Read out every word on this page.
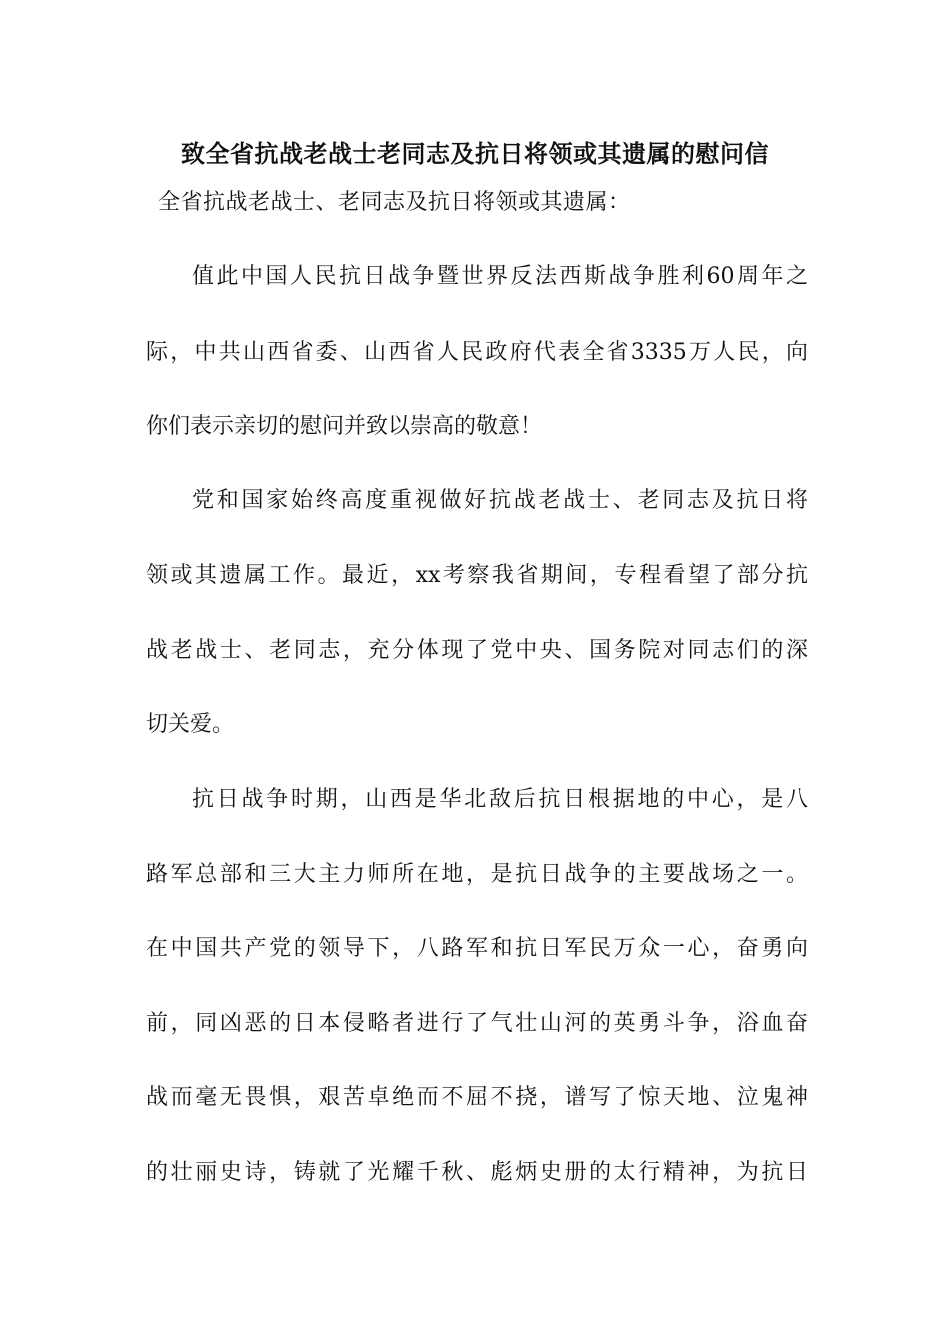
致全省抗战老战士老同志及抗日将领或其遗属的慰问信
全省抗战老战士、老同志及抗日将领或其遗属：
值此中国人民抗日战争暨世界反法西斯战争胜利60周年之
际，中共山西省委、山西省人民政府代表全省3335万人民，向
你们表示亲切的慰问并致以崇高的敬意！
党和国家始终高度重视做好抗战老战士、老同志及抗日将
领或其遗属工作。最近，xx考察我省期间，专程看望了部分抗
战老战士、老同志，充分体现了党中央、国务院对同志们的深
切关爱。
抗日战争时期，山西是华北敌后抗日根据地的中心，是八
路军总部和三大主力师所在地，是抗日战争的主要战场之一。
在中国共产党的领导下，八路军和抗日军民万众一心，奋勇向
前，同凶恶的日本侵略者进行了气壮山河的英勇斗争，浴血奋
战而毫无畏惧，艰苦卓绝而不屈不挠，谱写了惊天地、泣鬼神
的壮丽史诗，铸就了光耀千秋、彪炳史册的太行精神，为抗日
